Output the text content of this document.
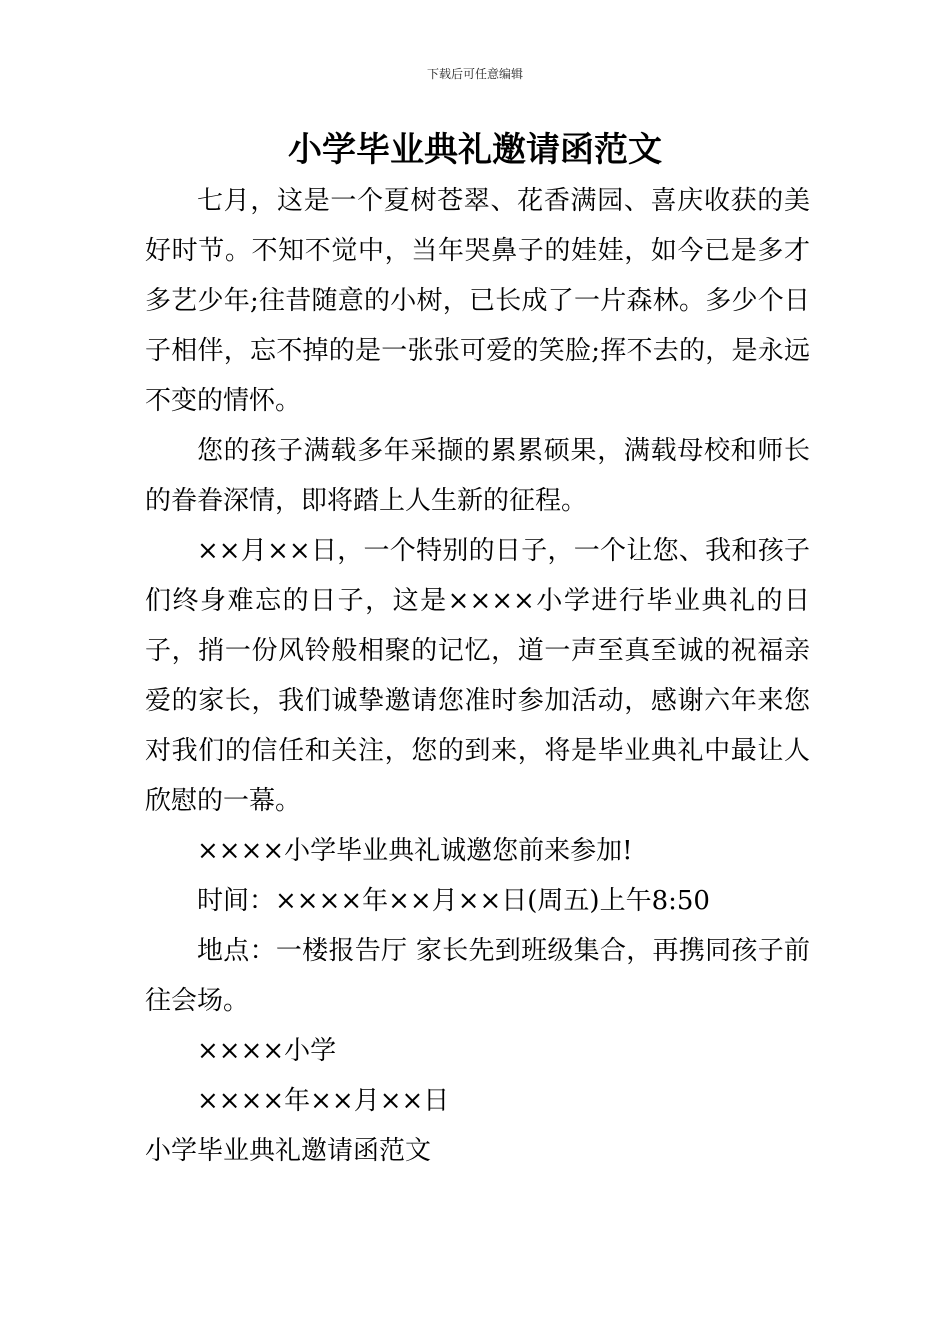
下载后可任意编辑
小学毕业典礼邀请函范文

七月，这是一个夏树苍翠、花香满园、喜庆收获的美好时节。不知不觉中，当年哭鼻子的娃娃，如今已是多才多艺少年;往昔随意的小树，已长成了一片森林。多少个日子相伴，忘不掉的是一张张可爱的笑脸;挥不去的，是永远不变的情怀。

您的孩子满载多年采撷的累累硕果，满载母校和师长的眷眷深情，即将踏上人生新的征程。

××月××日，一个特别的日子，一个让您、我和孩子们终身难忘的日子，这是××××小学进行毕业典礼的日子，捎一份风铃般相聚的记忆，道一声至真至诚的祝福亲爱的家长，我们诚挚邀请您准时参加活动，感谢六年来您对我们的信任和关注，您的到来，将是毕业典礼中最让人欣慰的一幕。

××××小学毕业典礼诚邀您前来参加!

时间：××××年××月××日(周五)上午8:50

地点：一楼报告厅 家长先到班级集合，再携同孩子前往会场。

××××小学

××××年××月××日

小学毕业典礼邀请函范文
